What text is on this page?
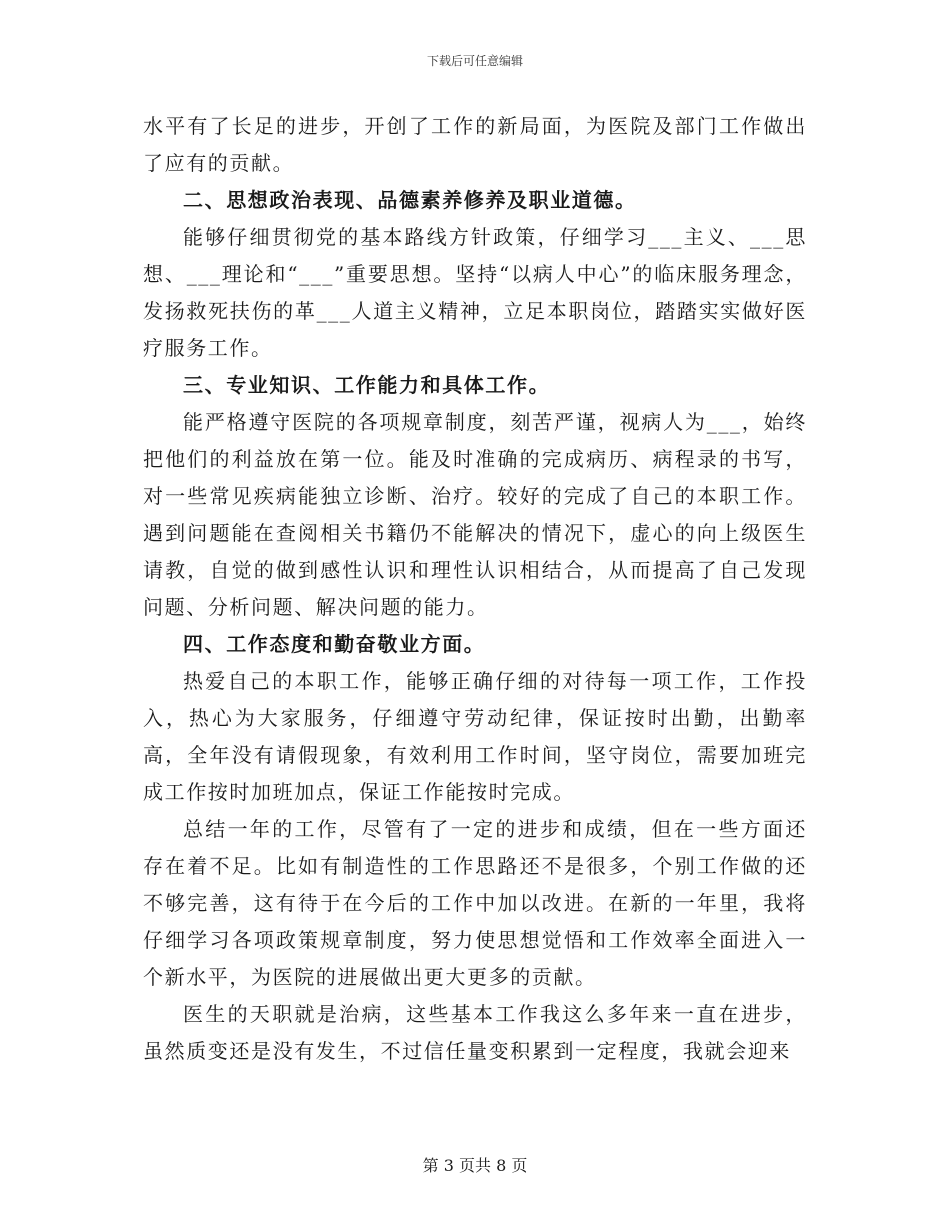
下载后可任意编辑

水平有了长足的进步，开创了工作的新局面，为医院及部门工作做出了应有的贡献。

二、思想政治表现、品德素养修养及职业道德。

能够仔细贯彻党的基本路线方针政策，仔细学习___主义、___思想、___理论和“___”重要思想。坚持“以病人中心”的临床服务理念，发扬救死扶伤的革___人道主义精神，立足本职岗位，踏踏实实做好医疗服务工作。

三、专业知识、工作能力和具体工作。

能严格遵守医院的各项规章制度，刻苦严谨，视病人为___，始终把他们的利益放在第一位。能及时准确的完成病历、病程录的书写，对一些常见疾病能独立诊断、治疗。较好的完成了自己的本职工作。遇到问题能在查阅相关书籍仍不能解决的情况下，虚心的向上级医生请教，自觉的做到感性认识和理性认识相结合，从而提高了自己发现问题、分析问题、解决问题的能力。

四、工作态度和勤奋敬业方面。

热爱自己的本职工作，能够正确仔细的对待每一项工作，工作投入，热心为大家服务，仔细遵守劳动纪律，保证按时出勤，出勤率高，全年没有请假现象，有效利用工作时间，坚守岗位，需要加班完成工作按时加班加点，保证工作能按时完成。

总结一年的工作，尽管有了一定的进步和成绩，但在一些方面还存在着不足。比如有制造性的工作思路还不是很多，个别工作做的还不够完善，这有待于在今后的工作中加以改进。在新的一年里，我将仔细学习各项政策规章制度，努力使思想觉悟和工作效率全面进入一个新水平，为医院的进展做出更大更多的贡献。

医生的天职就是治病，这些基本工作我这么多年来一直在进步，虽然质变还是没有发生，不过信任量变积累到一定程度，我就会迎来

第 3 页共 8 页
